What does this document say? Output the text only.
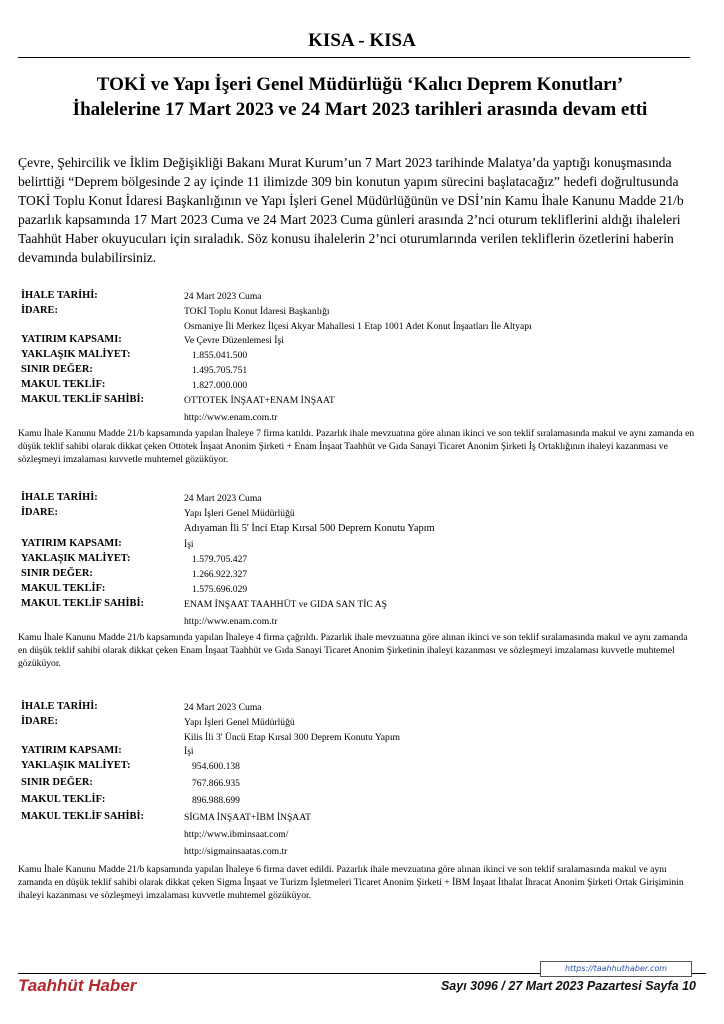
KISA - KISA
TOKİ ve Yapı İşeri Genel Müdürlüğü ‘Kalıcı Deprem Konutları’
İhalelerine 17 Mart 2023 ve 24 Mart 2023 tarihleri arasında devam etti

Çevre, Şehircilik ve İklim Değişikliği Bakanı Murat Kurum’un 7 Mart 2023 tarihinde Malatya’da yaptığı konuşmasında belirttiği “Deprem bölgesinde 2 ay içinde 11 ilimizde 309 bin konutun yapım sürecini başlatacağız” hedefi doğrultusunda TOKİ Toplu Konut İdaresi Başkanlığının ve Yapı İşleri Genel Müdürlüğünün ve DSİ’nin Kamu İhale Kanunu Madde 21/b pazarlık kapsamında 17 Mart 2023 Cuma ve 24 Mart 2023 Cuma günleri arasında 2’nci oturum tekliflerini aldığı ihaleleri Taahhüt Haber okuyucuları için sıraladık. Söz konusu ihalelerin 2’nci oturumlarında verilen tekliflerin özetlerini haberin devamında bulabilirsiniz.

İHALE TARİHİ:	24 Mart 2023 Cuma
İDARE:	TOKİ Toplu Konut İdaresi Başkanlığı
Osmaniye İli Merkez İlçesi Akyar Mahallesi 1 Etap 1001 Adet Konut İnşaatları İle Altyapı
YATIRIM KAPSAMI:	Ve Çevre Düzenlemesi İşi
YAKLAŞIK MALİYET:	1.855.041.500
SINIR DEĞER:	1.495.705.751
MAKUL TEKLİF:	1.827.000.000
MAKUL TEKLİF SAHİBİ:	OTTOTEK İNŞAAT+ENAM İNŞAAT
http://www.enam.com.tr
Kamu İhale Kanunu Madde 21/b kapsamında yapılan İhaleye 7 firma katıldı. Pazarlık ihale mevzuatına göre alınan ikinci ve son teklif sıralamasında makul ve aynı zamanda en düşük teklif sahibi olarak dikkat çeken Ottotek İnşaat Anonim Şirketi + Enam İnşaat Taahhüt ve Gıda Sanayi Ticaret Anonim Şirketi İş Ortaklığının ihaleyi kazanması ve sözleşmeyi imzalaması kuvvetle muhtemel gözüküyor.
İHALE TARİHİ:	24 Mart 2023 Cuma
İDARE:	Yapı İşleri Genel Müdürlüğü
Adıyaman İli 5' İnci Etap Kırsal 500 Deprem Konutu Yapım
YATIRIM KAPSAMI:	İşi
YAKLAŞIK MALİYET:	1.579.705.427
SINIR DEĞER:	1.266.922.327
MAKUL TEKLİF:	1.575.696.029
MAKUL TEKLİF SAHİBİ:	ENAM İNŞAAT TAAHHÜT ve GIDA SAN TİC AŞ
http://www.enam.com.tr
Kamu İhale Kanunu Madde 21/b kapsamında yapılan İhaleye 4 firma çağrıldı. Pazarlık ihale mevzuatına göre alınan ikinci ve son teklif sıralamasında makul ve aynı zamanda en düşük teklif sahibi olarak dikkat çeken Enam İnşaat Taahhüt ve Gıda Sanayi Ticaret Anonim Şirketinin ihaleyi kazanması ve sözleşmeyi imzalaması kuvvetle muhtemel gözüküyor.
İHALE TARİHİ:	24 Mart 2023 Cuma
İDARE:	Yapı İşleri Genel Müdürlüğü
Kilis İli 3' Üncü Etap Kırsal 300 Deprem Konutu Yapım
YATIRIM KAPSAMI:	İşi
YAKLAŞIK MALİYET:	954.600.138
SINIR DEĞER:	767.866.935
MAKUL TEKLİF:	896.988.699
MAKUL TEKLİF SAHİBİ:	SİGMA İNŞAAT+İBM İNŞAAT
http://www.ibminsaat.com/
http://sigmainsaatas.com.tr
Kamu İhale Kanunu Madde 21/b kapsamında yapılan İhaleye 6 firma davet edildi. Pazarlık ihale mevzuatına göre alınan ikinci ve son teklif sıralamasında makul ve aynı zamanda en düşük teklif sahibi olarak dikkat çeken Sigma İnşaat ve Turizm İşletmeleri Ticaret Anonim Şirketi + İBM İnşaat İthalat İhracat Anonim Şirketi Ortak Girişiminin ihaleyi kazanması ve sözleşmeyi imzalaması kuvvetle muhtemel gözüküyor.
https://taahhuthaber.com
Taahhüt Haber	Sayı 3096 / 27 Mart 2023 Pazartesi Sayfa 10
